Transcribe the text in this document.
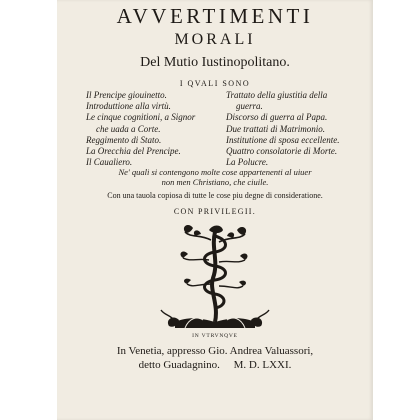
AVVERTIMENTI
MORALI
Del Mutio Iustinopolitano.
I QVALI SONO
Il Prencipe giouinetto.
Introduttione alla virtù.
Le cinque cognitioni, a Signor
che uada a Corte.
Reggimento di Stato.
La Orecchia del Prencipe.
Il Caualiero.
Trattato della giustitia della
guerra.
Discorso di guerra al Papa.
Due trattati di Matrimonio.
Institutione di sposa eccellente.
Quattro consolatorie di Morte.
La Polucre.
Ne' quali si contengono molte cose appartenenti al uiuer
non men Christiano, che ciuile.
Con una tauola copiosa di tutte le cose piu degne di consideratione.
CON PRIVILEGII.
IN VTRVNQVE
In Venetia, appresso Gio. Andrea Valuassori,
detto Guadagnino.     M. D. LXXI.
